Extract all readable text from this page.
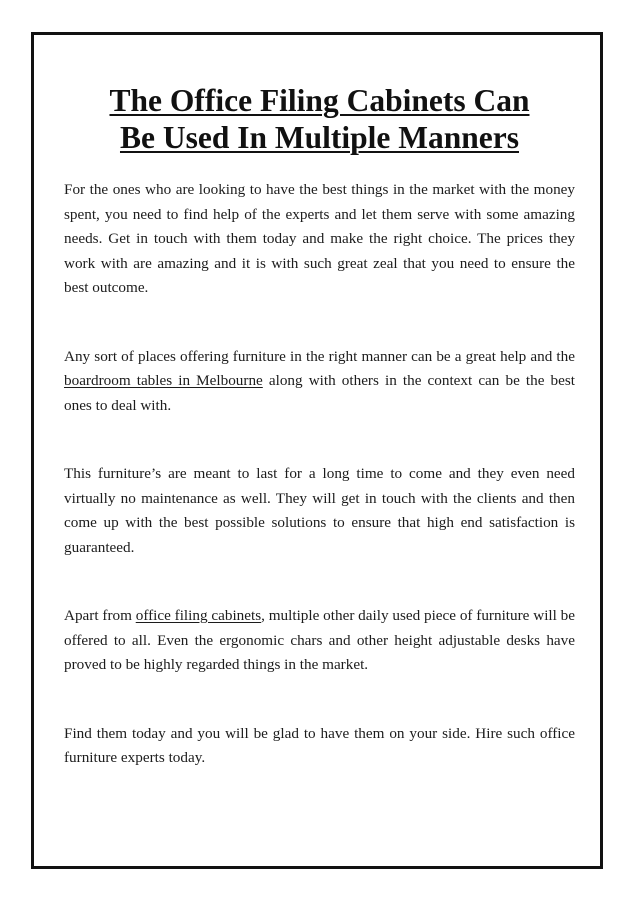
The Office Filing Cabinets Can
Be Used In Multiple Manners

For the ones who are looking to have the best things in the market with the money spent, you need to find help of the experts and let them serve with some amazing needs. Get in touch with them today and make the right choice. The prices they work with are amazing and it is with such great zeal that you need to ensure the best outcome.

Any sort of places offering furniture in the right manner can be a great help and the boardroom tables in Melbourne along with others in the context can be the best ones to deal with.

This furniture’s are meant to last for a long time to come and they even need virtually no maintenance as well. They will get in touch with the clients and then come up with the best possible solutions to ensure that high end satisfaction is guaranteed.

Apart from office filing cabinets, multiple other daily used piece of furniture will be offered to all. Even the ergonomic chars and other height adjustable desks have proved to be highly regarded things in the market.

Find them today and you will be glad to have them on your side. Hire such office furniture experts today.
